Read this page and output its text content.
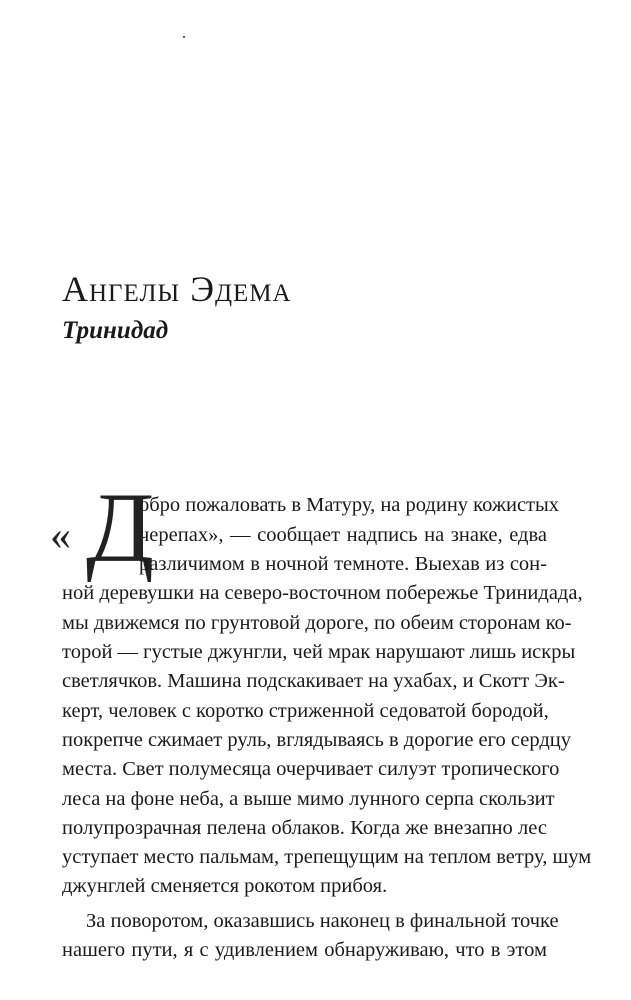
Ангелы Эдема
Тринидад
« Д
обро пожаловать в Матуру, на родину кожистых
черепах», — сообщает надпись на знаке, едва
различимом в ночной темноте. Выехав из сон-
ной деревушки на северо-восточном побережье Тринидада,
мы движемся по грунтовой дороге, по обеим сторонам ко-
торой — густые джунгли, чей мрак нарушают лишь искры
светлячков. Машина подскакивает на ухабах, и Скотт Эк-
керт, человек с коротко стриженной седоватой бородой,
покрепче сжимает руль, вглядываясь в дорогие его сердцу
места. Свет полумесяца очерчивает силуэт тропического
леса на фоне неба, а выше мимо лунного серпа скользит
полупрозрачная пелена облаков. Когда же внезапно лес
уступает место пальмам, трепещущим на теплом ветру, шум
джунглей сменяется рокотом прибоя.
За поворотом, оказавшись наконец в финальной точке
нашего пути, я с удивлением обнаруживаю, что в этом
